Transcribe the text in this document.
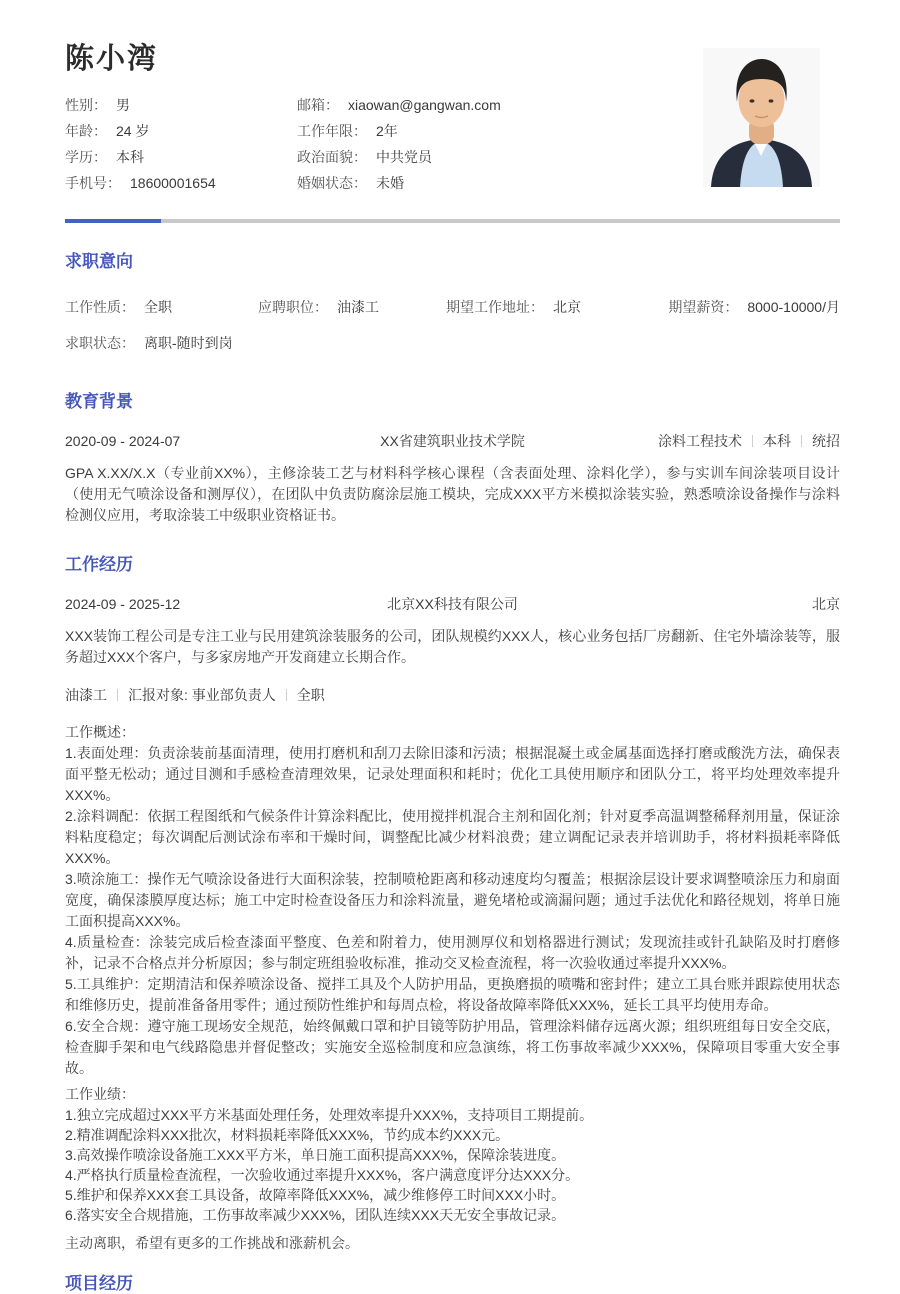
陈小湾
性别： 男
年龄： 24 岁
学历： 本科
手机号： 18600001654
邮箱： xiaowan@gangwan.com
工作年限： 2年
政治面貌： 中共党员
婚姻状态： 未婚
求职意向
工作性质： 全职	应聘职位： 油漆工	期望工作地址： 北京	期望薪资： 8000-10000/月
求职状态： 离职-随时到岗
教育背景
2020-09 - 2024-07	XX省建筑职业技术学院	涂料工程技术 本科 统招

GPA X.XX/X.X（专业前XX%），主修涂装工艺与材料科学核心课程（含表面处理、涂料化学），参与实训车间涂装项目设计（使用无气喷涂设备和测厚仪），在团队中负责防腐涂层施工模块，完成XXX平方米模拟涂装实验，熟悉喷涂设备操作与涂料检测仪应用，考取涂装工中级职业资格证书。

工作经历
2024-09 - 2025-12	北京XX科技有限公司	北京

XXX装饰工程公司是专注工业与民用建筑涂装服务的公司，团队规模约XXX人，核心业务包括厂房翻新、住宅外墙涂装等，服务超过XXX个客户，与多家房地产开发商建立长期合作。

油漆工 汇报对象: 事业部负责人 全职

工作概述：

1.表面处理：负责涂装前基面清理，使用打磨机和刮刀去除旧漆和污渍；根据混凝土或金属基面选择打磨或酸洗方法，确保表面平整无松动；通过目测和手感检查清理效果，记录处理面积和耗时；优化工具使用顺序和团队分工，将平均处理效率提升XXX%。

2.涂料调配：依据工程图纸和气候条件计算涂料配比，使用搅拌机混合主剂和固化剂；针对夏季高温调整稀释剂用量，保证涂料粘度稳定；每次调配后测试涂布率和干燥时间，调整配比减少材料浪费；建立调配记录表并培训助手，将材料损耗率降低XXX%。

3.喷涂施工：操作无气喷涂设备进行大面积涂装，控制喷枪距离和移动速度均匀覆盖；根据涂层设计要求调整喷涂压力和扇面宽度，确保漆膜厚度达标；施工中定时检查设备压力和涂料流量，避免堵枪或滴漏问题；通过手法优化和路径规划，将单日施工面积提高XXX%。

4.质量检查：涂装完成后检查漆面平整度、色差和附着力，使用测厚仪和划格器进行测试；发现流挂或针孔缺陷及时打磨修补，记录不合格点并分析原因；参与制定班组验收标准，推动交叉检查流程，将一次验收通过率提升XXX%。

5.工具维护：定期清洁和保养喷涂设备、搅拌工具及个人防护用品，更换磨损的喷嘴和密封件；建立工具台账并跟踪使用状态和维修历史，提前准备备用零件；通过预防性维护和每周点检，将设备故障率降低XXX%，延长工具平均使用寿命。

6.安全合规：遵守施工现场安全规范，始终佩戴口罩和护目镜等防护用品，管理涂料储存远离火源；组织班组每日安全交底，检查脚手架和电气线路隐患并督促整改；实施安全巡检制度和应急演练，将工伤事故率减少XXX%，保障项目零重大安全事故。

工作业绩：

1.独立完成超过XXX平方米基面处理任务，处理效率提升XXX%，支持项目工期提前。

2.精准调配涂料XXX批次，材料损耗率降低XXX%，节约成本约XXX元。

3.高效操作喷涂设备施工XXX平方米，单日施工面积提高XXX%，保障涂装进度。

4.严格执行质量检查流程，一次验收通过率提升XXX%，客户满意度评分达XXX分。

5.维护和保养XXX套工具设备，故障率降低XXX%，减少维修停工时间XXX小时。

6.落实安全合规措施，工伤事故率减少XXX%，团队连续XXX天无安全事故记录。

主动离职，希望有更多的工作挑战和涨薪机会。

项目经历
